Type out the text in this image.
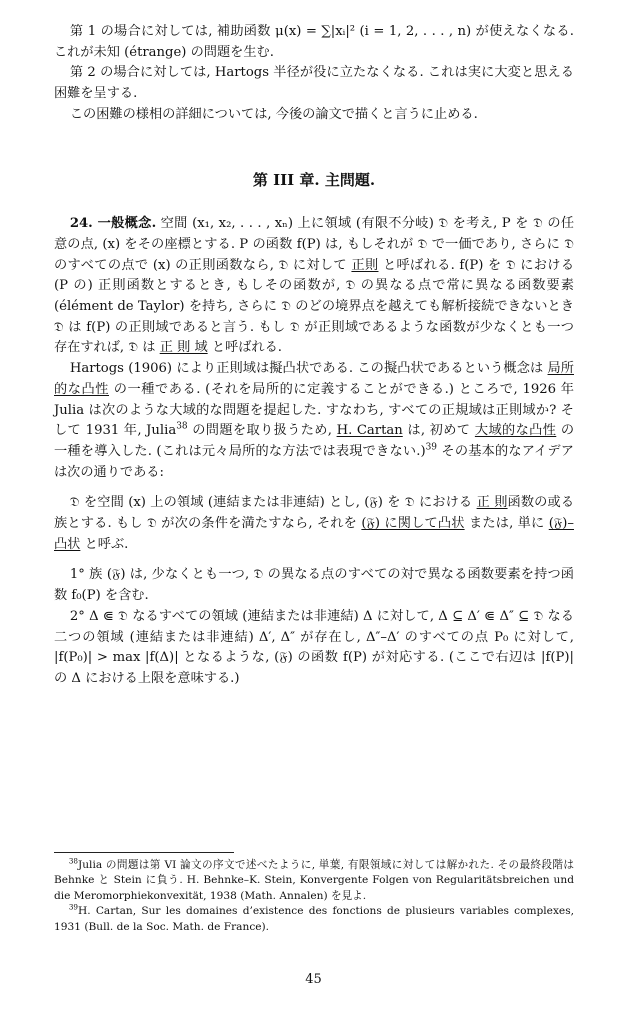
第 1 の場合に対しては, 補助函数 μ(x) = ∑|xᵢ|² (i = 1, 2, . . . , n) が使えなくなる. これが未知 (étrange) の問題を生む.

第 2 の場合に対しては, Hartogs 半径が役に立たなくなる. これは実に大変と思える困難を呈する.

この困難の様相の詳細については, 今後の論文で描くと言うに止める.

第 III 章. 主問題.

24. 一般概念. 空間 (x₁, x₂, . . . , xₙ) 上に領域 (有限不分岐) 𝔇 を考え, P を 𝔇 の任意の点, (x) をその座標とする. P の函数 f(P) は, もしそれが 𝔇 で一価であり, さらに 𝔇 のすべての点で (x) の正則函数なら, 𝔇 に対して 正則 と呼ばれる. f(P) を 𝔇 における (P の) 正則函数とするとき, もしその函数が, 𝔇 の異なる点で常に異なる函数要素 (élément de Taylor) を持ち, さらに 𝔇 のどの境界点を越えても解析接続できないとき 𝔇 は f(P) の正則域であると言う. もし 𝔇 が正則域であるような函数が少なくとも一つ存在すれば, 𝔇 は 正 則 域 と呼ばれる.

Hartogs (1906) により正則域は擬凸状である. この擬凸状であるという概念は 局所的な凸性 の一種である. (それを局所的に定義することができる.) ところで, 1926 年 Julia は次のような大域的な問題を提起した. すなわち, すべての正規域は正則域か? そして 1931 年, Julia$^{38}$ の問題を取り扱うため, H. Cartan は, 初めて 大域的な凸性 の一種を導入した. (これは元々局所的な方法では表現できない.)$^{39}$ その基本的なアイデアは次の通りである:

𝔇 を空間 (x) 上の領域 (連結または非連結) とし, (𝔉) を 𝔇 における 正 則函数の或る族とする. もし 𝔇 が次の条件を満たすなら, それを (𝔉) に関して凸状 または, 単に (𝔉)–凸状 と呼ぶ.

1° 族 (𝔉) は, 少なくとも一つ, 𝔇 の異なる点のすべての対で異なる函数要素を持つ函数 f₀(P) を含む.

2° Δ ⋐ 𝔇 なるすべての領域 (連結または非連結) Δ に対して, Δ ⊆ Δ′ ⋐ Δ″ ⊆ 𝔇 なる二つの領域 (連結または非連結) Δ′, Δ″ が存在し, Δ″–Δ′ のすべての点 P₀ に対して, |f(P₀)| > max |f(Δ)| となるような, (𝔉) の函数 f(P) が対応する. (ここで右辺は |f(P)| の Δ における上限を意味する.)

$^{38}$Julia の問題は第 VI 論文の序文で述べたように, 単葉, 有限領域に対しては解かれた. その最終段階は Behnke と Stein に負う. H. Behnke–K. Stein, Konvergente Folgen von Regularitätsbreichen und die Meromorphiekonvexität, 1938 (Math. Annalen) を見よ.

$^{39}$H. Cartan, Sur les domaines d’existence des fonctions de plusieurs variables complexes, 1931 (Bull. de la Soc. Math. de France).

45
